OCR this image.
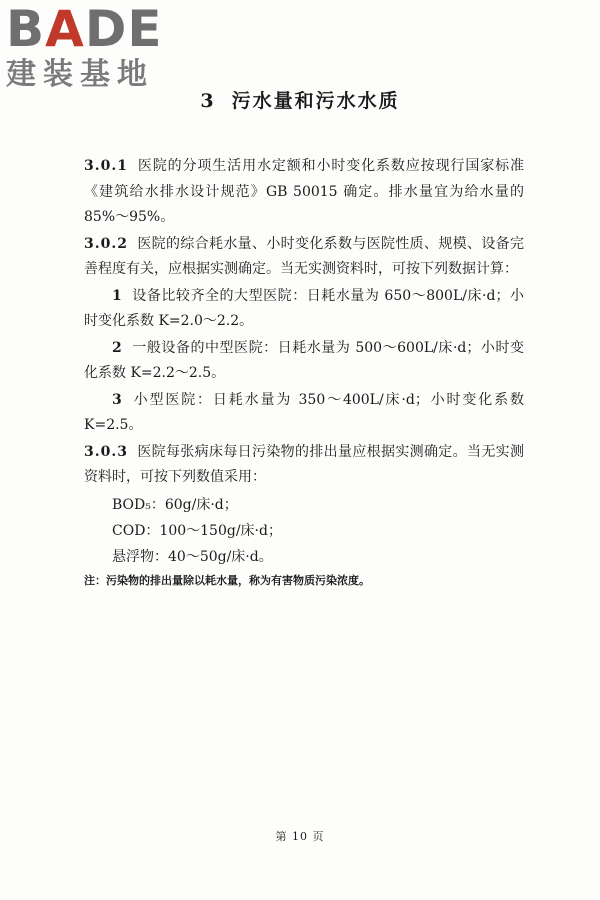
BADE
建装基地
3 污水量和污水水质

3.0.1 医院的分项生活用水定额和小时变化系数应按现行国家标准《建筑给水排水设计规范》GB 50015 确定。排水量宜为给水量的 85%～95%。

3.0.2 医院的综合耗水量、小时变化系数与医院性质、规模、设备完善程度有关，应根据实测确定。当无实测资料时，可按下列数据计算：

1 设备比较齐全的大型医院：日耗水量为 650～800L/床·d；小时变化系数 K=2.0～2.2。

2 一般设备的中型医院：日耗水量为 500～600L/床·d；小时变化系数 K=2.2～2.5。

3 小型医院：日耗水量为 350～400L/床·d；小时变化系数 K=2.5。

3.0.3 医院每张病床每日污染物的排出量应根据实测确定。当无实测资料时，可按下列数值采用：

BOD₅：60g/床·d；
COD：100～150g/床·d；
悬浮物：40～50g/床·d。
注：污染物的排出量除以耗水量，称为有害物质污染浓度。
第 10 页
